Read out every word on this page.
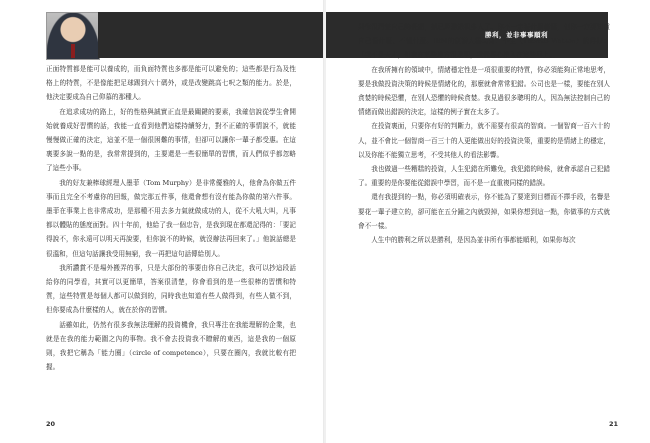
正面特質都是能可以養成的，而負面特質也多都是能可以避免的；這些都是行為及性格上的特質，不是像能把足球踢到六十碼外，或是改變跳高七呎之類的能力。於是，他決定要成為自己仰慕的那種人。

在追求成功的路上，好的性格與誠實正直是最關鍵的要素，我確信說從學生會開始就養成好習慣的話，我能一直看到他們這樣持續努力，對不正確的事情說不，就能慢慢做正確的決定，這並不是一個很困難的事情，但卻可以讓你一輩子都受惠。在這裏要多說一點的是，我常常提到的，主要還是一些很簡單的習慣，而人們似乎都忽略了這些小事。

我的好友兼棒球經理人墨菲（Tom Murphy）是非常優雅的人，他會為你做五件事而且完全不考慮你的回報，做完那五件事，他還會想有沒有能為你做的第六件事。墨菲在事業上也非常成功，是那種不用去多力氣就做成功的人，從不大吼大叫，凡事都以體貼的態度面對。四十年前，他給了我一個忠告，是我到現在都還記得的：「要記得說不，你永遠可以明天再說要，但你說不的時候，就沒辦法再回來了。」他說話總是很溫和，但這句話讓我受用無窮，我一再把這句話傳給別人。

我所讚賞不是場外搬弄的事，只是大部份的事要由你自己決定，我可以抄這段話給你的同學看，其實可以更簡單，答案很清楚，你會看到的是一些很棒的習慣和特質，這些特質是每個人都可以做到的，同時我也知道有些人做得到，有些人做不到，但你要成為什麼樣的人，就在於你的習慣。

話雖如此，仍然有很多我無法理解的投資機會，我只專注在我能理解的企業，也就是在我的能力範圍之內的事物。我不會去投資我不瞭解的東西，這是我的一個原則，我把它稱為「能力圈」（circle of competence），只要在圈內，我就比較有把握。

20
勝利，並非事事順利

果你很清楚自己的長處，就已經勝過很多人了。你不一定要什麼都懂，但你一定要知道自己懂什麼、不懂什麼。IBM的創辦人湯瑪斯．華生（Thomas Watson）說得好：「我不是天才，但我在某些地方很聰明，我就專心投入在這些事上。」

在我所擁有的領域中，情緒穩定性是一項很重要的特質，你必須能夠正常地思考，要是我做投資決策的時候是情緒化的，那麼就會常常犯錯。公司也是一樣，要能在別人貪婪的時候恐懼，在別人恐懼的時候貪婪。我見過很多聰明的人，因為無法控制自己的情緒而做出錯誤的決定，這樣的例子實在太多了。

在投資裏面，只要你有好的判斷力，就不需要有很高的智商。一個智商一百六十的人，並不會比一個智商一百三十的人更能做出好的投資決策，重要的是情緒上的穩定，以及你能不能獨立思考，不受其他人的看法影響。

我也做過一些糟糕的投資，人生犯錯在所難免，我犯錯的時候，就會承認自己犯錯了。重要的是你要能從錯誤中學習，而不是一直重複同樣的錯誤。

還有我提到的一點，你必須明確表示，你不能為了要達到目標而不擇手段，名譽是要花一輩子建立的，卻可能在五分鐘之內就毀掉，如果你想到這一點，你做事的方式就會不一樣。

人生中的勝利之所以是勝利，是因為並非所有事都能順利，如果你每次

21
